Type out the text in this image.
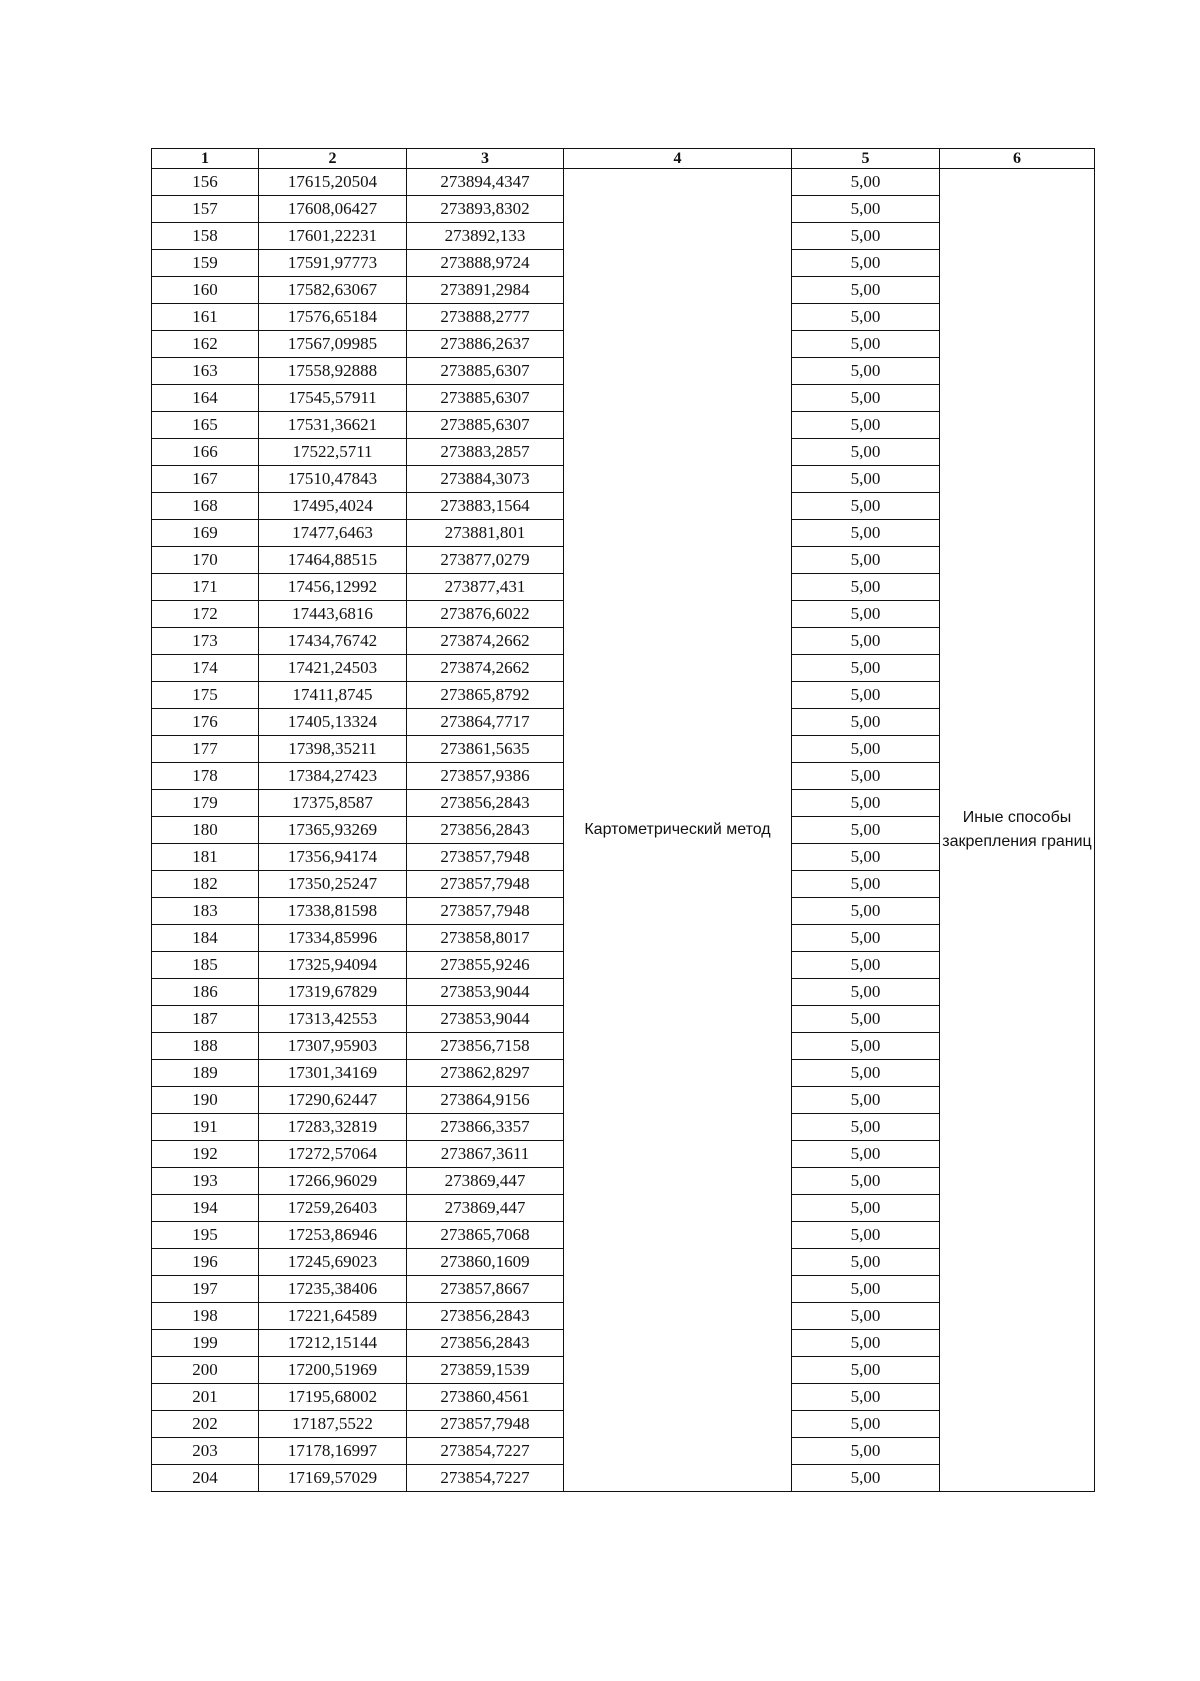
1	2	3	4	5	6
156	17615,20504	273894,4347	Картометрический метод	5,00	Иные способы закрепления границ
157	17608,06427	273893,8302		5,00	
158	17601,22231	273892,133		5,00	
159	17591,97773	273888,9724		5,00	
160	17582,63067	273891,2984		5,00	
161	17576,65184	273888,2777		5,00	
162	17567,09985	273886,2637		5,00	
163	17558,92888	273885,6307		5,00	
164	17545,57911	273885,6307		5,00	
165	17531,36621	273885,6307		5,00	
166	17522,5711	273883,2857		5,00	
167	17510,47843	273884,3073		5,00	
168	17495,4024	273883,1564		5,00	
169	17477,6463	273881,801		5,00	
170	17464,88515	273877,0279		5,00	
171	17456,12992	273877,431		5,00	
172	17443,6816	273876,6022		5,00	
173	17434,76742	273874,2662		5,00	
174	17421,24503	273874,2662		5,00	
175	17411,8745	273865,8792		5,00	
176	17405,13324	273864,7717		5,00	
177	17398,35211	273861,5635		5,00	
178	17384,27423	273857,9386		5,00	
179	17375,8587	273856,2843		5,00	
180	17365,93269	273856,2843		5,00	
181	17356,94174	273857,7948		5,00	
182	17350,25247	273857,7948		5,00	
183	17338,81598	273857,7948		5,00	
184	17334,85996	273858,8017		5,00	
185	17325,94094	273855,9246		5,00	
186	17319,67829	273853,9044		5,00	
187	17313,42553	273853,9044		5,00	
188	17307,95903	273856,7158		5,00	
189	17301,34169	273862,8297		5,00	
190	17290,62447	273864,9156		5,00	
191	17283,32819	273866,3357		5,00	
192	17272,57064	273867,3611		5,00	
193	17266,96029	273869,447		5,00	
194	17259,26403	273869,447		5,00	
195	17253,86946	273865,7068		5,00	
196	17245,69023	273860,1609		5,00	
197	17235,38406	273857,8667		5,00	
198	17221,64589	273856,2843		5,00	
199	17212,15144	273856,2843		5,00	
200	17200,51969	273859,1539		5,00	
201	17195,68002	273860,4561		5,00	
202	17187,5522	273857,7948		5,00	
203	17178,16997	273854,7227		5,00	
204	17169,57029	273854,7227		5,00	
